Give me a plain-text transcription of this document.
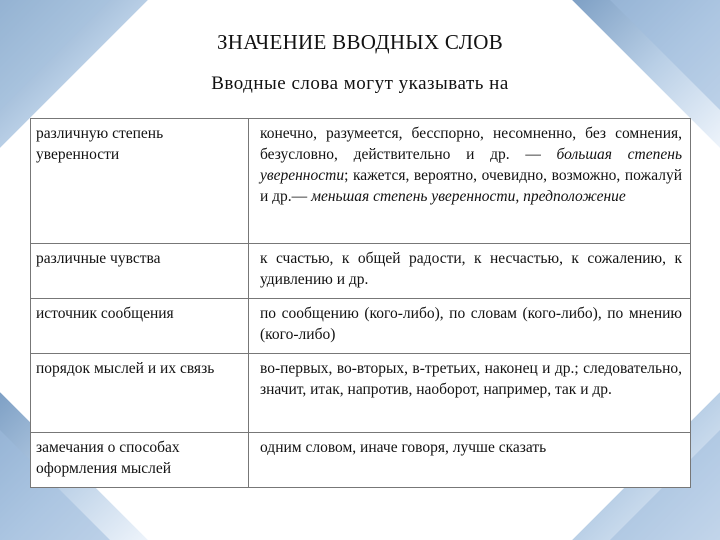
ЗНАЧЕНИЕ ВВОДНЫХ СЛОВ
Вводные слова могут указывать на
различную степень уверенности	конечно, разумеется, бесспорно, несомненно, без сомнения, безусловно, действительно и др. — большая степень уверенности; кажется, вероятно, очевидно, возможно, пожалуй и др.— меньшая степень уверенности, предположение
различные чувства	к счастью, к общей радости, к несчастью, к сожалению, к удивлению и др.
источник сообщения	по сообщению (кого-либо), по словам (кого-либо), по мнению (кого-либо)
порядок мыслей и их связь	во-первых, во-вторых, в-третьих, наконец и др.; следовательно, значит, итак, напротив, наоборот, например, так и др.
замечания о способах оформления мыслей	одним словом, иначе говоря, лучше сказать
